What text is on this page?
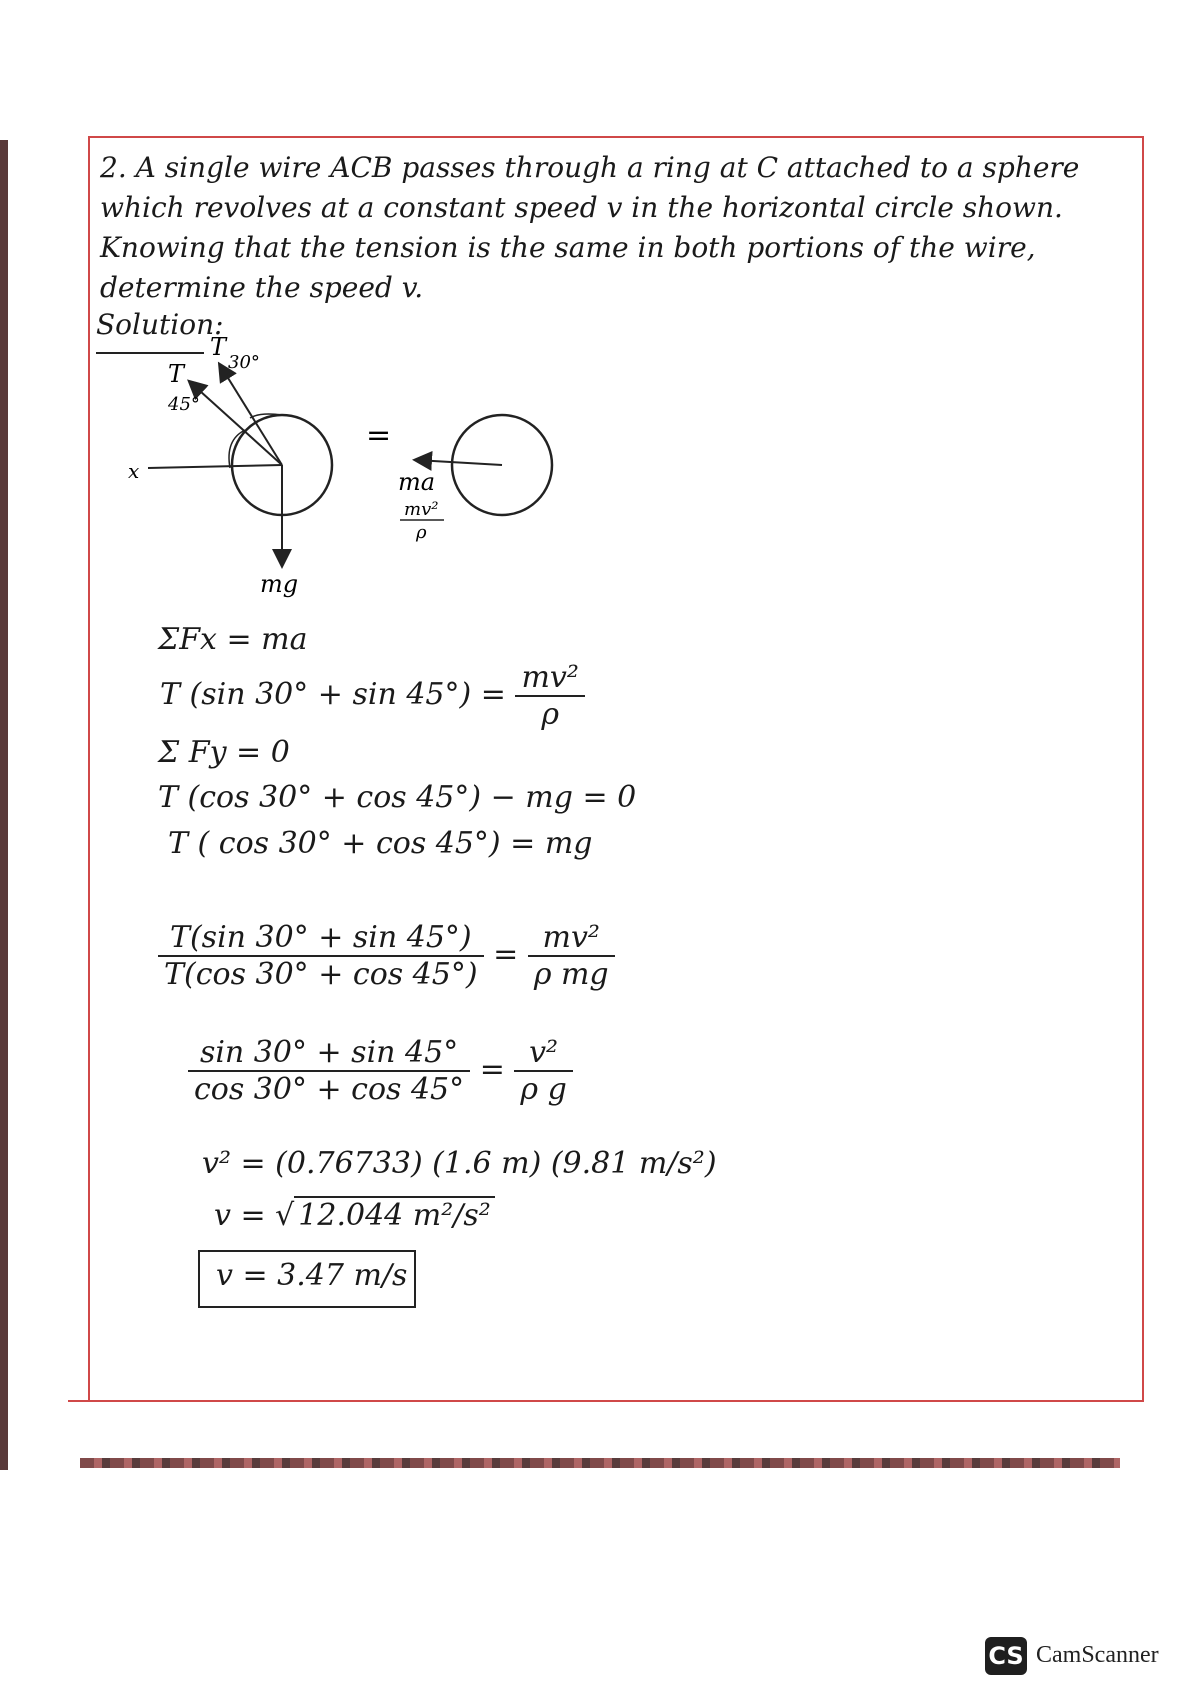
2. A single wire ACB passes through a ring at C attached to a sphere which revolves at a constant speed v in the horizontal circle shown. Knowing that the tension is the same in both portions of the wire, determine the speed v.
Solution:
x
mg
T
T 30°
45°
=
ma
mv²
ρ
ΣFx = ma
T (sin $30^\circ + \sin 45^\circ) = \frac{\text{mv²}}{\rho}$
Σ Fy = 0
T (cos 30° + cos 45°) − mg = 0
T ( cos 30° + cos 45°) = mg
$\frac{T(\sin 30^\circ + \sin 45^\circ)}{T(\cos 30^\circ + \cos 45^\circ)} = \frac{\text{mv²}}{\text{ρ mg}}$
$\frac{\sin 30^\circ + \sin 45^\circ}{\cos 30^\circ + \cos 45^\circ} = \frac{\text{v²}}{\text{ρ g}}$
v² = (0.76733) (1.6 m) (9.81 m/s²)
v = √ 12.044 m²/s²
v = 3.47 m/s
CS CamScanner
